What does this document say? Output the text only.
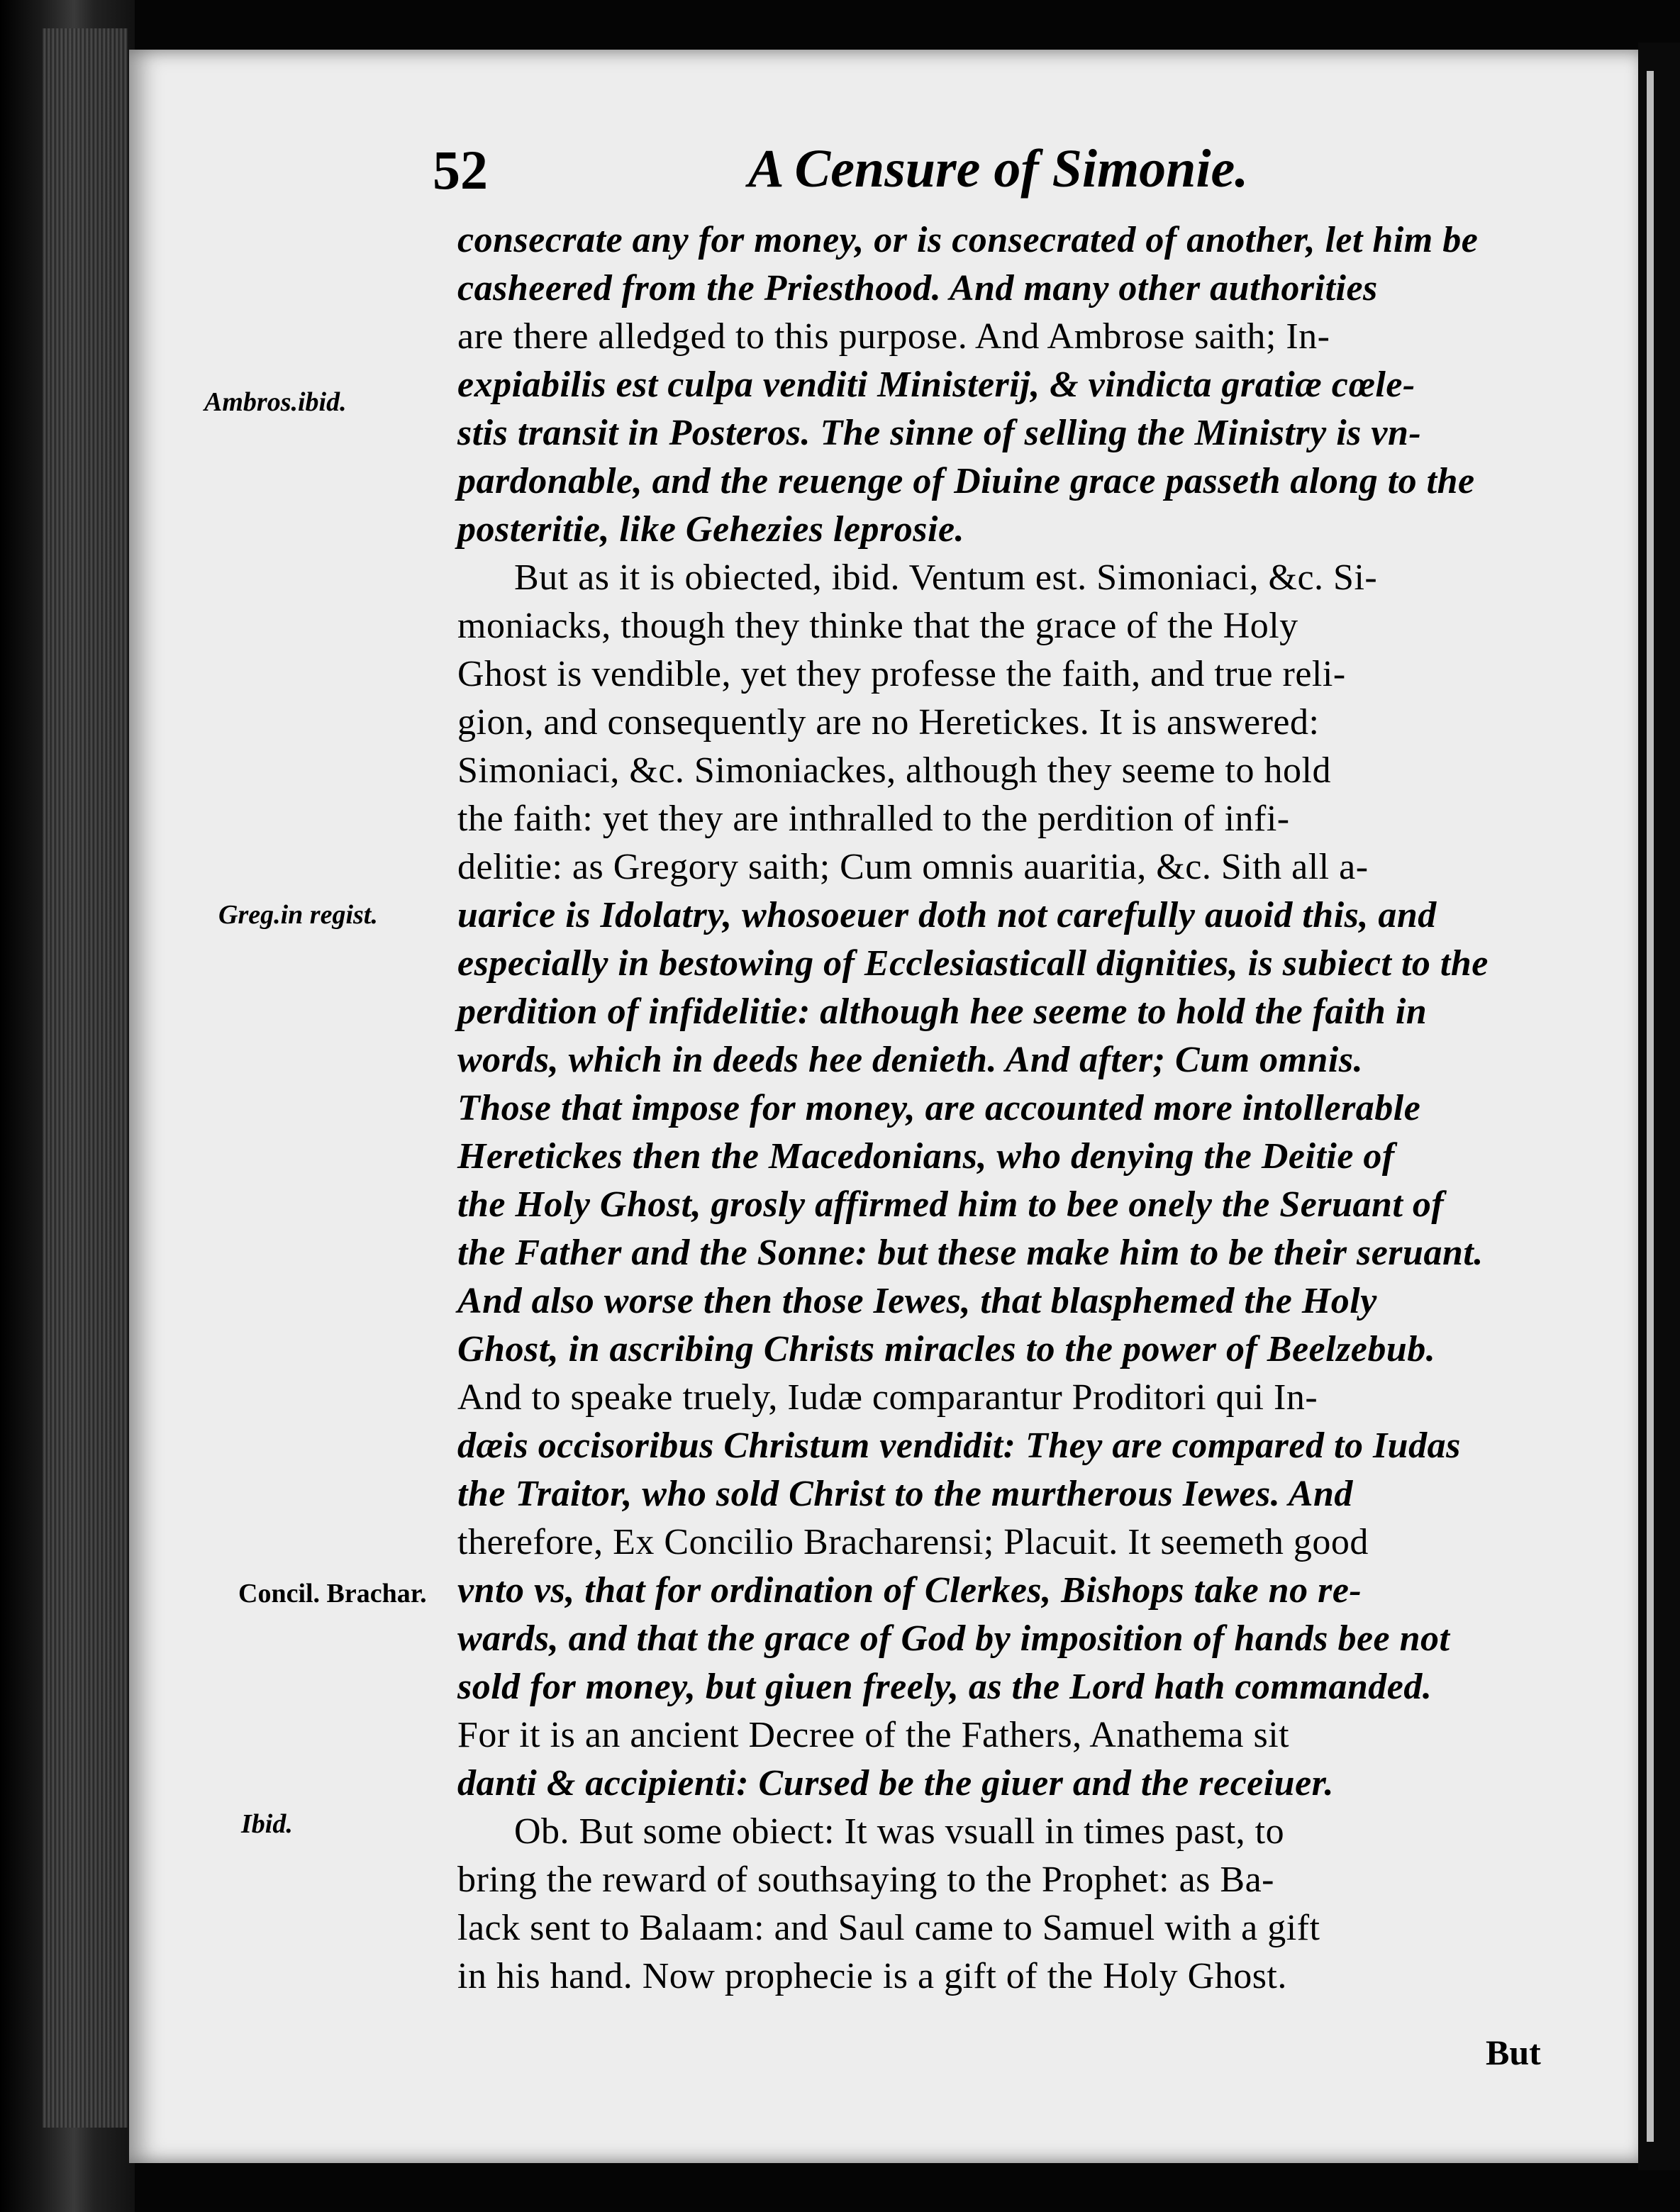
52	A Censure of Simonie.
Ambros.ibid.
Greg.in regist.
Concil. Brachar.
Ibid.
consecrate any for money, or is consecrated of another, let him be
casheered from the Priesthood. And many other authorities
are there alledged to this purpose. And Ambrose saith; In-
expiabilis est culpa venditi Ministerij, & vindicta gratiæ cœle-
stis transit in Posteros. The sinne of selling the Ministry is vn-
pardonable, and the reuenge of Diuine grace passeth along to the
posteritie, like Gehezies leprosie.
But as it is obiected, ibid. Ventum est. Simoniaci, &c. Si-
moniacks, though they thinke that the grace of the Holy
Ghost is vendible, yet they professe the faith, and true reli-
gion, and consequently are no Heretickes. It is answered:
Simoniaci, &c. Simoniackes, although they seeme to hold
the faith: yet they are inthralled to the perdition of infi-
delitie: as Gregory saith; Cum omnis auaritia, &c. Sith all a-
uarice is Idolatry, whosoeuer doth not carefully auoid this, and
especially in bestowing of Ecclesiasticall dignities, is subiect to the
perdition of infidelitie: although hee seeme to hold the faith in
words, which in deeds hee denieth. And after; Cum omnis.
Those that impose for money, are accounted more intollerable
Heretickes then the Macedonians, who denying the Deitie of
the Holy Ghost, grosly affirmed him to bee onely the Seruant of
the Father and the Sonne: but these make him to be their seruant.
And also worse then those Iewes, that blasphemed the Holy
Ghost, in ascribing Christs miracles to the power of Beelzebub.
And to speake truely, Iudæ comparantur Proditori qui In-
dæis occisoribus Christum vendidit: They are compared to Iudas
the Traitor, who sold Christ to the murtherous Iewes. And
therefore, Ex Concilio Bracharensi; Placuit. It seemeth good
vnto vs, that for ordination of Clerkes, Bishops take no re-
wards, and that the grace of God by imposition of hands bee not
sold for money, but giuen freely, as the Lord hath commanded.
For it is an ancient Decree of the Fathers, Anathema sit
danti & accipienti: Cursed be the giuer and the receiuer.
Ob. But some obiect: It was vsuall in times past, to
bring the reward of southsaying to the Prophet: as Ba-
lack sent to Balaam: and Saul came to Samuel with a gift
in his hand. Now propheсie is a gift of the Holy Ghost.
But
